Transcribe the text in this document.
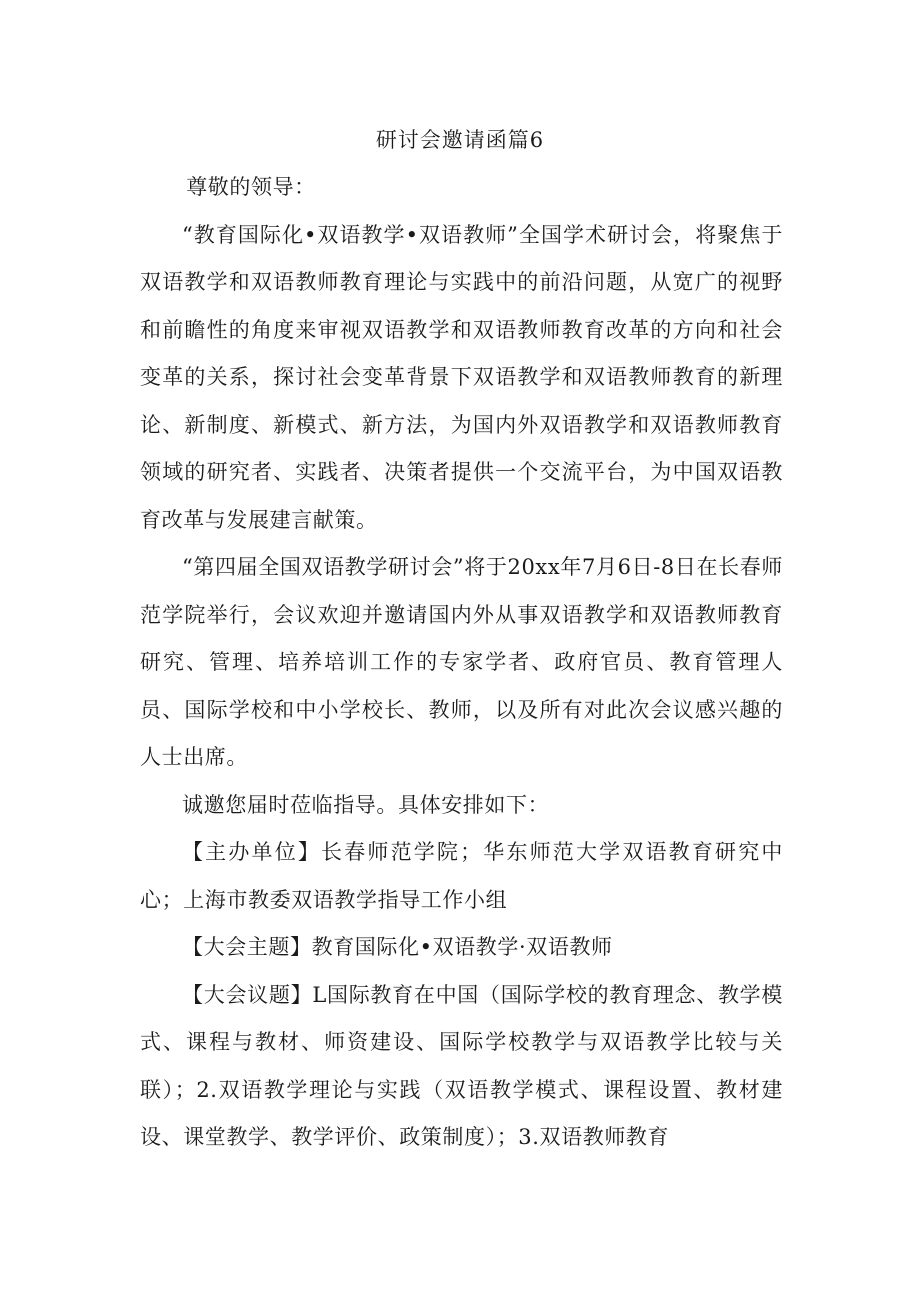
研讨会邀请函篇6

尊敬的领导：

“教育国际化•双语教学•双语教师”全国学术研讨会，将聚焦于双语教学和双语教师教育理论与实践中的前沿问题，从宽广的视野和前瞻性的角度来审视双语教学和双语教师教育改革的方向和社会变革的关系，探讨社会变革背景下双语教学和双语教师教育的新理论、新制度、新模式、新方法，为国内外双语教学和双语教师教育领域的研究者、实践者、决策者提供一个交流平台，为中国双语教育改革与发展建言献策。

“第四届全国双语教学研讨会”将于20xx年7月6日-8日在长春师范学院举行，会议欢迎并邀请国内外从事双语教学和双语教师教育研究、管理、培养培训工作的专家学者、政府官员、教育管理人员、国际学校和中小学校长、教师，以及所有对此次会议感兴趣的人士出席。

诚邀您届时莅临指导。具体安排如下：

【主办单位】长春师范学院；华东师范大学双语教育研究中心；上海市教委双语教学指导工作小组

【大会主题】教育国际化•双语教学·双语教师

【大会议题】L国际教育在中国（国际学校的教育理念、教学模式、课程与教材、师资建设、国际学校教学与双语教学比较与关联）；2.双语教学理论与实践（双语教学模式、课程设置、教材建设、课堂教学、教学评价、政策制度）；3.双语教师教育
